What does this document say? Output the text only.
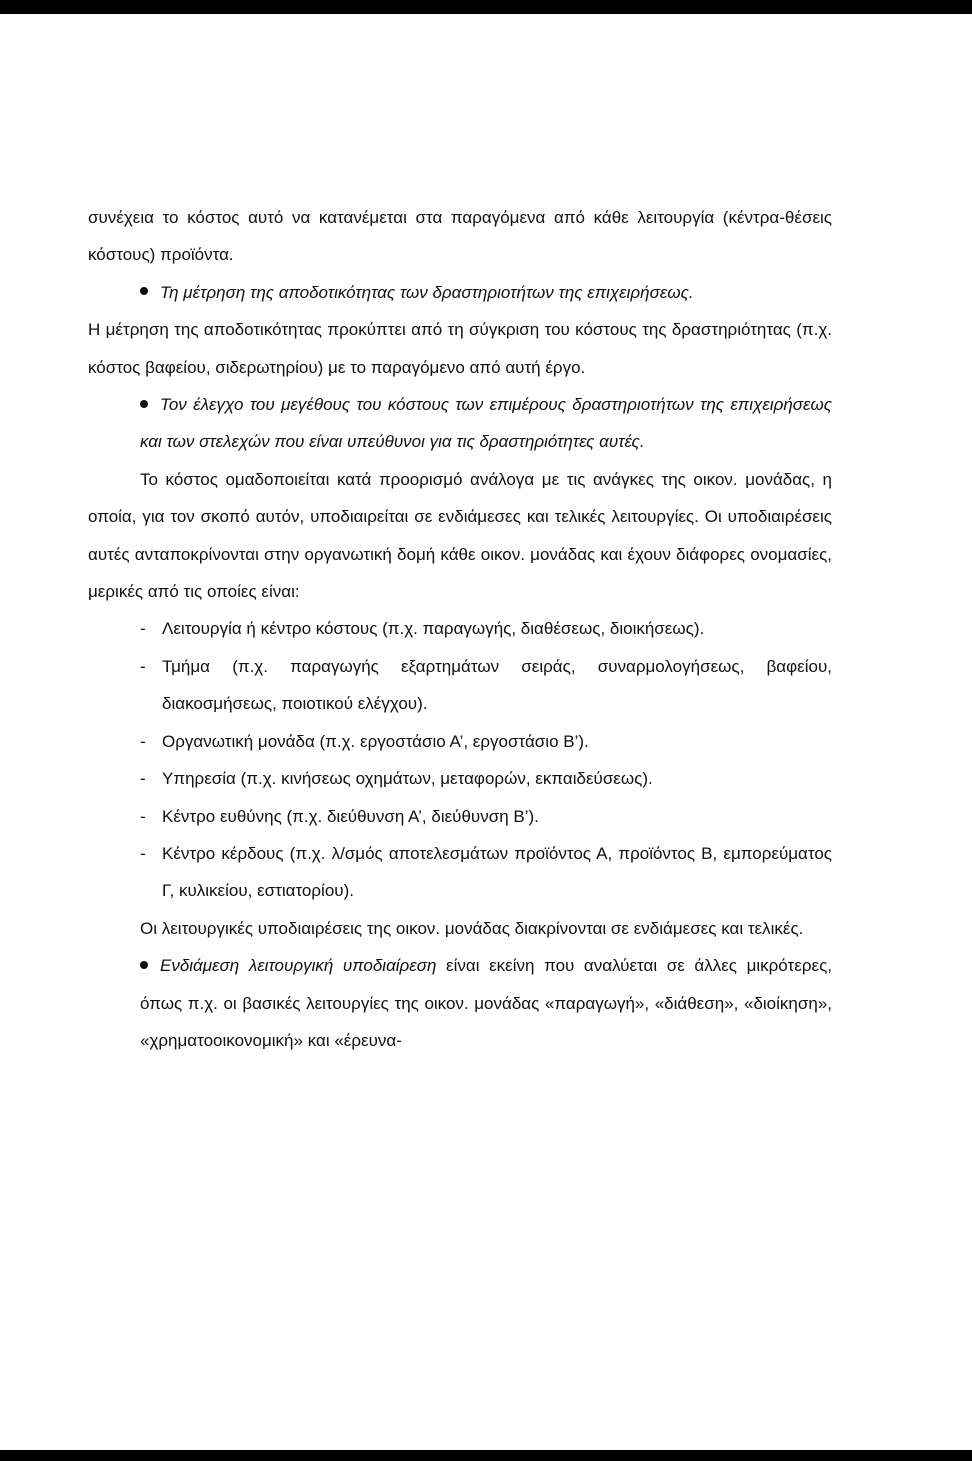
συνέχεια το κόστος αυτό να κατανέμεται στα παραγόμενα από κάθε λειτουργία (κέντρα-θέσεις κόστους) προϊόντα.

Τη μέτρηση της αποδοτικότητας των δραστηριοτήτων της επιχειρήσεως.

Η μέτρηση της αποδοτικότητας προκύπτει από τη σύγκριση του κόστους της δραστηριότητας (π.χ. κόστος βαφείου, σιδερωτηρίου) με το παραγόμενο από αυτή έργο.

Τον έλεγχο του μεγέθους του κόστους των επιμέρους δραστηριοτήτων της επιχειρήσεως και των στελεχών που είναι υπεύθυνοι για τις δραστηριότητες αυτές.

Το κόστος ομαδοποιείται κατά προορισμό ανάλογα με τις ανάγκες της οικον. μονάδας, η οποία, για τον σκοπό αυτόν, υποδιαιρείται σε ενδιάμεσες και τελικές λειτουργίες. Οι υποδιαιρέσεις αυτές ανταποκρίνονται στην οργανωτική δομή κάθε οικον. μονάδας και έχουν διάφορες ονομασίες, μερικές από τις οποίες είναι:

- Λειτουργία ή κέντρο κόστους (π.χ. παραγωγής, διαθέσεως, διοικήσεως).
- Τμήμα (π.χ. παραγωγής εξαρτημάτων σειράς, συναρμολογήσεως, βαφείου, διακοσμήσεως, ποιοτικού ελέγχου).
- Οργανωτική μονάδα (π.χ. εργοστάσιο Α’, εργοστάσιο Β’).
- Υπηρεσία (π.χ. κινήσεως οχημάτων, μεταφορών, εκπαιδεύσεως).
- Κέντρο ευθύνης (π.χ. διεύθυνση Α’, διεύθυνση Β’).
- Κέντρο κέρδους (π.χ. λ/σμός αποτελεσμάτων προϊόντος Α, προϊόντος Β, εμπορεύματος Γ, κυλικείου, εστιατορίου).

Οι λειτουργικές υποδιαιρέσεις της οικον. μονάδας διακρίνονται σε ενδιάμεσες και τελικές.

Ενδιάμεση λειτουργική υποδιαίρεση είναι εκείνη που αναλύεται σε άλλες μικρότερες, όπως π.χ. οι βασικές λειτουργίες της οικον. μονάδας «παραγωγή», «διάθεση», «διοίκηση», «χρηματοοικονομική» και «έρευνα-
